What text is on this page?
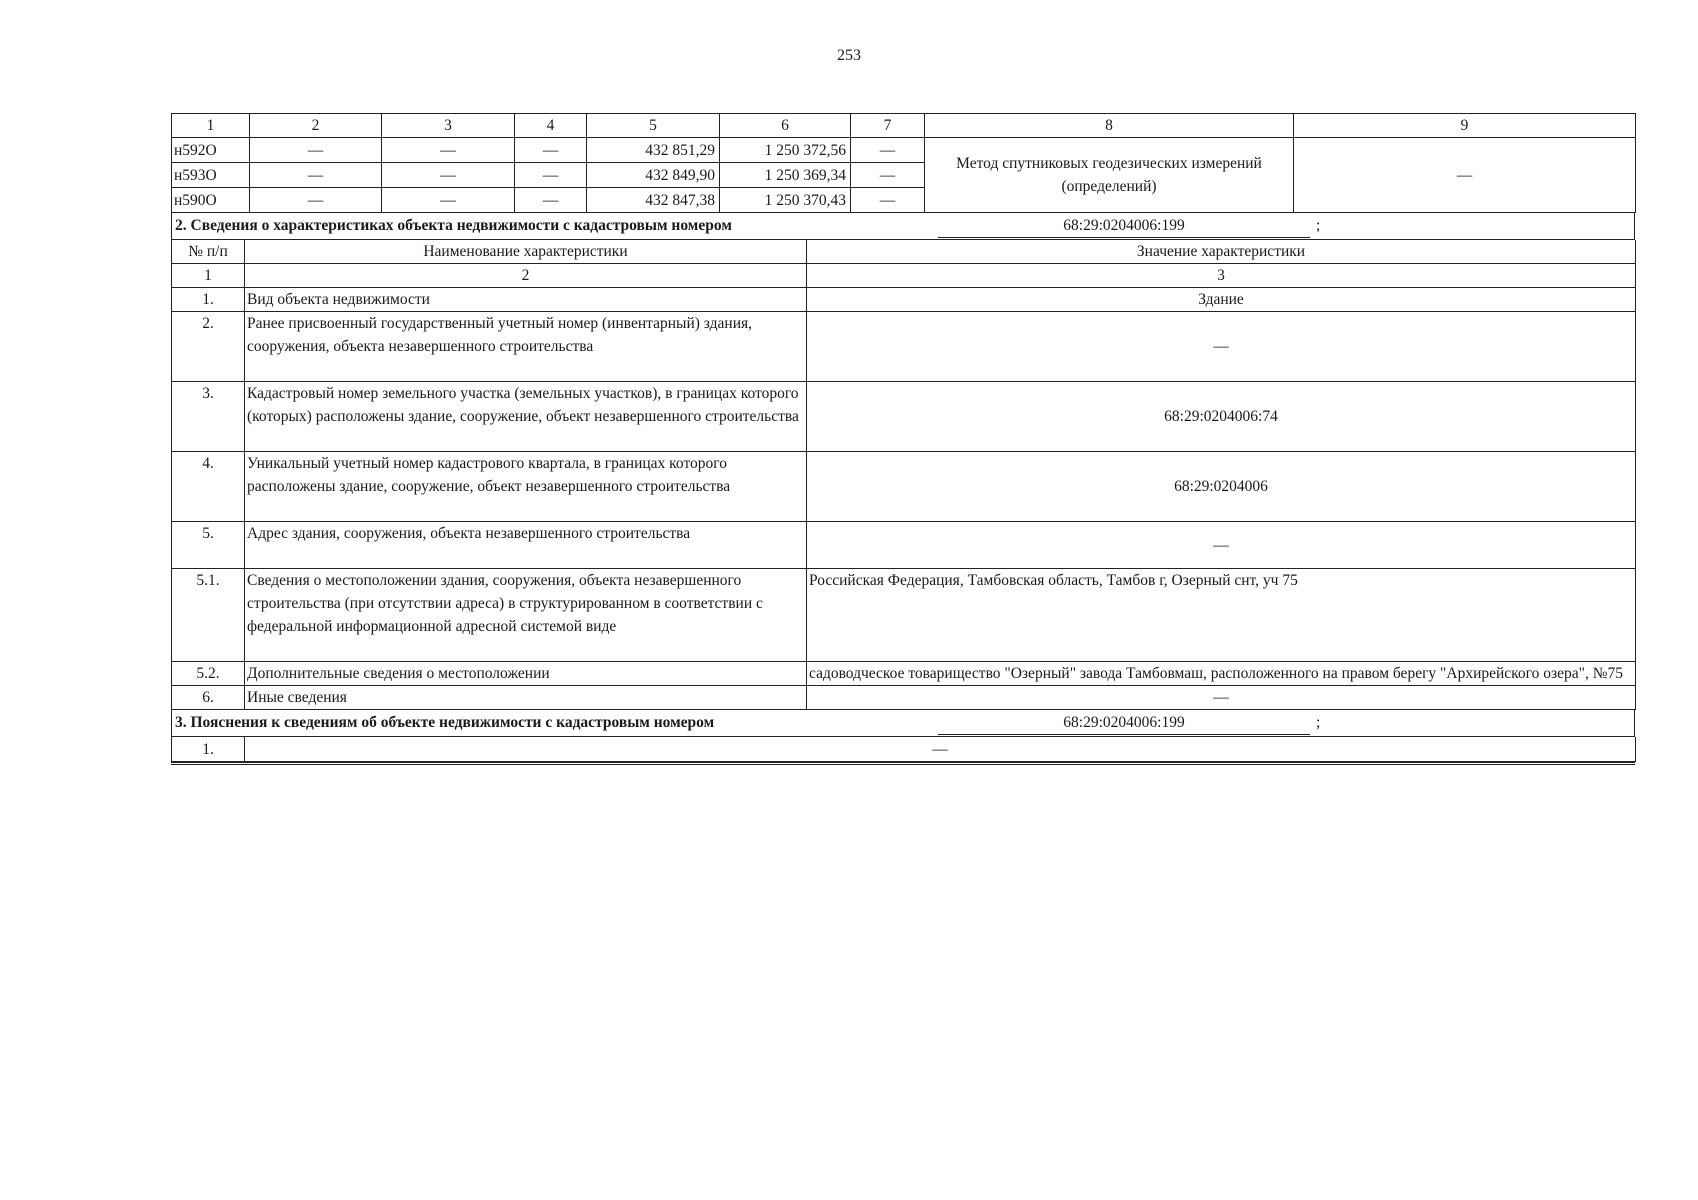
253
1	2	3	4	5	6	7	8	9
н592О	—	—	—	432 851,29	1 250 372,56	—	Метод спутниковых геодезических измерений (определений)	—
н593О	—	—	—	432 849,90	1 250 369,34	—		
н590О	—	—	—	432 847,38	1 250 370,43	—		
2. Сведения о характеристиках объекта недвижимости с кадастровым номером	68:29:0204006:199	;
№ п/п	Наименование характеристики	Значение характеристики
1	2	3
1.	Вид объекта недвижимости	Здание
2.	Ранее присвоенный государственный учетный номер (инвентарный) здания, сооружения, объекта незавершенного строительства	—
3.	Кадастровый номер земельного участка (земельных участков), в границах которого (которых) расположены здание, сооружение, объект незавершенного строительства	68:29:0204006:74
4.	Уникальный учетный номер кадастрового квартала, в границах которого расположены здание, сооружение, объект незавершенного строительства	68:29:0204006
5.	Адрес здания, сооружения, объекта незавершенного строительства	—
5.1.	Сведения о местоположении здания, сооружения, объекта незавершенного строительства (при отсутствии адреса) в структурированном в соответствии с федеральной информационной адресной системой виде	Российская Федерация, Тамбовская область, Тамбов г, Озерный снт, уч 75
5.2.	Дополнительные сведения о местоположении	садоводческое товарищество "Озерный" завода Тамбовмаш, расположенного на правом берегу "Архирейского озера", №75
6.	Иные сведения	—
3. Пояснения к сведениям об объекте недвижимости с кадастровым номером	68:29:0204006:199	;
1.	—
